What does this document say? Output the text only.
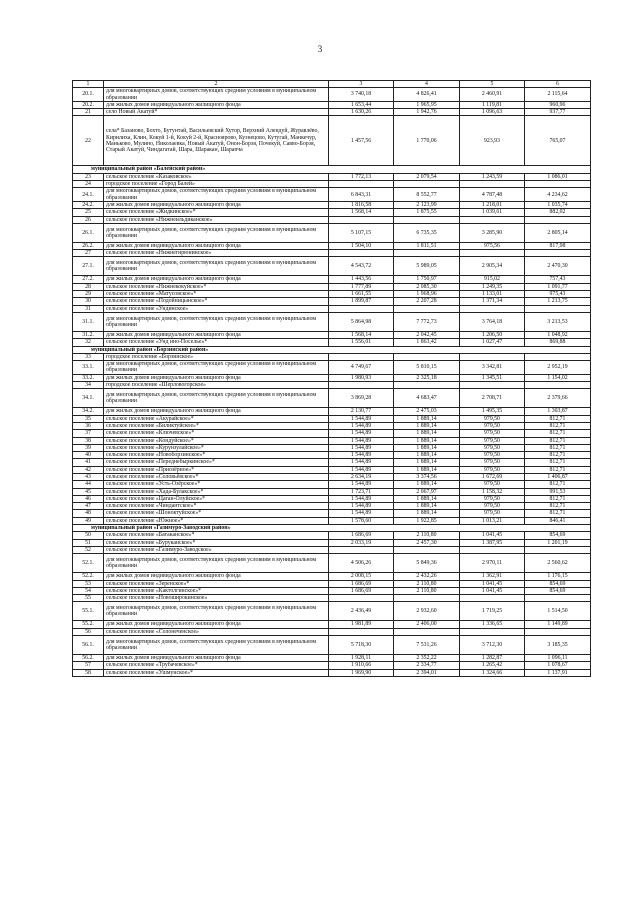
3
1	2	3	4	5	6
20.1.	для многоквартирных домов, соответствующих средним условиям в муниципальном образовании	3 740,18	4 826,41	2 460,91	2 115,64
20.2.	для жилых домов индивидуального жилищного фонда	1 653,44	1 965,95	1 119,81	960,96
21	село Новый Акатуй*	1 630,26	1 942,76	1 096,63	937,77
22	села* Базаново, Бохто, Бутунтай, Васильевский Хутор, Верхний Алендуй, Журавлёво, Кирилиха, Клин, Кокуй 1-й, Кокуй 2-й, Красноярово, Кузнецово, Кутугай, Манкечур, Маньково, Мулино, Николаевка, Новый Акатуй, Онон-Борзя, Почекуй, Савво-Борзя, Старый Акатуй, Чиндагатай, Шара, Шаракан, Шарanча	1 457,56	1 770,06	923,93	765,07
муниципальный район «Балейский район»					
23	сельское поселение «Казаковское»	1 772,13	2 079,54	1 243,59	1 086,01
24	городское поселение «Город Балей»				
24.1.	для многоквартирных домов, соответствующих средним условиям в муниципальном образовании	6 843,31	8 552,77	4 787,48	4 234,62
24.2.	для жилых домов индивидуального жилищного фонда	1 816,58	2 123,99	1 218,01	1 035,74
25	сельское поселение «Жидкинское»*	1 568,14	1 875,55	1 039,61	882,02
26	сельское поселение «Нижнеильдиканское»				
26.1.	для многоквартирных домов, соответствующих средним условиям в муниципальном образовании	5 107,15	6 735,35	3 285,90	2 805,14
26.2.	для жилых домов индивидуального жилищного фонда	1 504,10	1 811,51	975,56	817,98
27	сельское поселение «Нижнегирюнинское»				
27.1.	для многоквартирных домов, соответствующих средним условиям в муниципальном образовании	4 543,72	5 989,05	2 905,34	2 470,30
27.2.	для жилых домов индивидуального жилищного фонда	1 443,56	1 750,97	915,02	757,43
28	сельское поселение «Нижнекокуйское»*	1 777,89	2 085,30	1 249,35	1 091,77
29	сельское поселение «Матусовское»*	1 661,55	1 968,96	1 133,01	975,43
30	сельское поселение «Подойницынское»*	1 899,87	2 207,28	1 371,34	1 213,75
31	сельское поселение «Ундинское»				
31.1.	для многоквартирных домов, соответствующих средним условиям в муниципальном образовании	5 864,98	7 772,73	3 764,18	3 213,53
31.2.	для жилых домов индивидуального жилищного фонда	1 568,14	2 042,45	1 206,50	1 048,92
32	сельское поселение «Унд ино-Поселье»*	1 556,01	1 863,42	1 027,47	869,88
муниципальный район «Борзинский район»					
33	городское поселение «Борзинское»				
33.1.	для многоквартирных домов, соответствующих средним условиям в муниципальном образовании	4 749,67	5 810,15	3 342,81	2 952,19
33.2.	для жилых домов индивидуального жилищного фонда	1 980,93	2 325,18	1 345,51	1 154,02
34	городское поселение «Шерловогорское»				
34.1.	для многоквартирных домов, соответствующих средним условиям в муниципальном образовании	3 869,28	4 683,47	2 708,71	2 379,66
34.2.	для жилых домов индивидуального жилищного фонда	2 130,77	2 475,03	1 495,35	1 303,87
35	сельское поселение «Акурайское»*	1 544,89	1 889,14	979,50	812,71
36	сельское поселение «Биликтуйское»*	1 544,89	1 889,14	979,50	812,71
37	сельское поселение «Ключевское»*	1 544,89	1 889,14	979,50	812,71
38	сельское поселение «Кондуйское»*	1 544,89	1 889,14	979,50	812,71
39	сельское поселение «Курунзулайское»*	1 544,89	1 889,14	979,50	812,71
40	сельское поселение «Новоборзинское»*	1 544,89	1 889,14	979,50	812,71
41	сельское поселение «Переднебыркинское»*	1 544,89	1 889,14	979,50	812,71
42	сельское поселение «Приозёрное»*	1 544,89	1 889,14	979,50	812,71
43	сельское поселение «Соловьёвское»*	2 634,19	3 374,56	1 672,69	1 406,87
44	сельское поселение «Усть-Озёрское»*	1 544,89	1 889,14	979,50	812,71
45	сельское поселение «Хада-Булакское»*	1 723,71	2 067,97	1 158,32	991,53
46	сельское поселение «Цаган-Олуйское»*	1 544,89	1 889,14	979,50	812,71
47	сельское поселение «Чиндантское»*	1 544,89	1 889,14	979,50	812,71
48	сельское поселение «Шоноктуйское»*	1 544,89	1 889,14	979,50	812,71
49	сельское поселение «Южное»*	1 578,60	1 922,85	1 013,21	846,41
муниципальный район «Газимуро-Заводский район»					
50	сельское поселение «Батаканское»*	1 686,69	2 110,80	1 041,45	854,69
51	сельское поселение «Буруканское»*	2 033,19	2 457,30	1 387,95	1 201,19
52	сельское поселение «Газимуро-Заводское»				
52.1.	для многоквартирных домов, соответствующих средним условиям в муниципальном образовании	4 506,26	5 849,36	2 970,11	2 560,62
52.2.	для жилых домов индивидуального жилищного фонда	2 008,15	2 432,26	1 362,91	1 176,15
53	сельское поселение «Зеренское»*	1 686,69	2 110,80	1 041,45	854,69
54	сельское поселение «Кактолгинское»*	1 686,69	2 110,80	1 041,45	854,69
55	сельское поселение «Новоширокинское»				
55.1.	для многоквартирных домов, соответствующих средним условиям в муниципальном образовании	2 436,49	2 932,60	1 719,25	1 514,50
55.2.	для жилых домов индивидуального жилищного фонда	1 981,89	2 406,00	1 336,65	1 149,89
56	сельское поселение «Солонеченское»				
56.1.	для многоквартирных домов, соответствующих средним условиям в муниципальном образовании	5 718,30	7 531,26	3 712,30	3 185,35
56.2.	для жилых домов индивидуального жилищного фонда	1 928,11	2 352,22	1 282,87	1 096,11
57	сельское поселение «Трубачевское»*	1 910,66	2 334,77	1 265,42	1 078,67
58	сельское поселение «Ушмунское»*	1 969,90	2 394,01	1 324,66	1 137,91
